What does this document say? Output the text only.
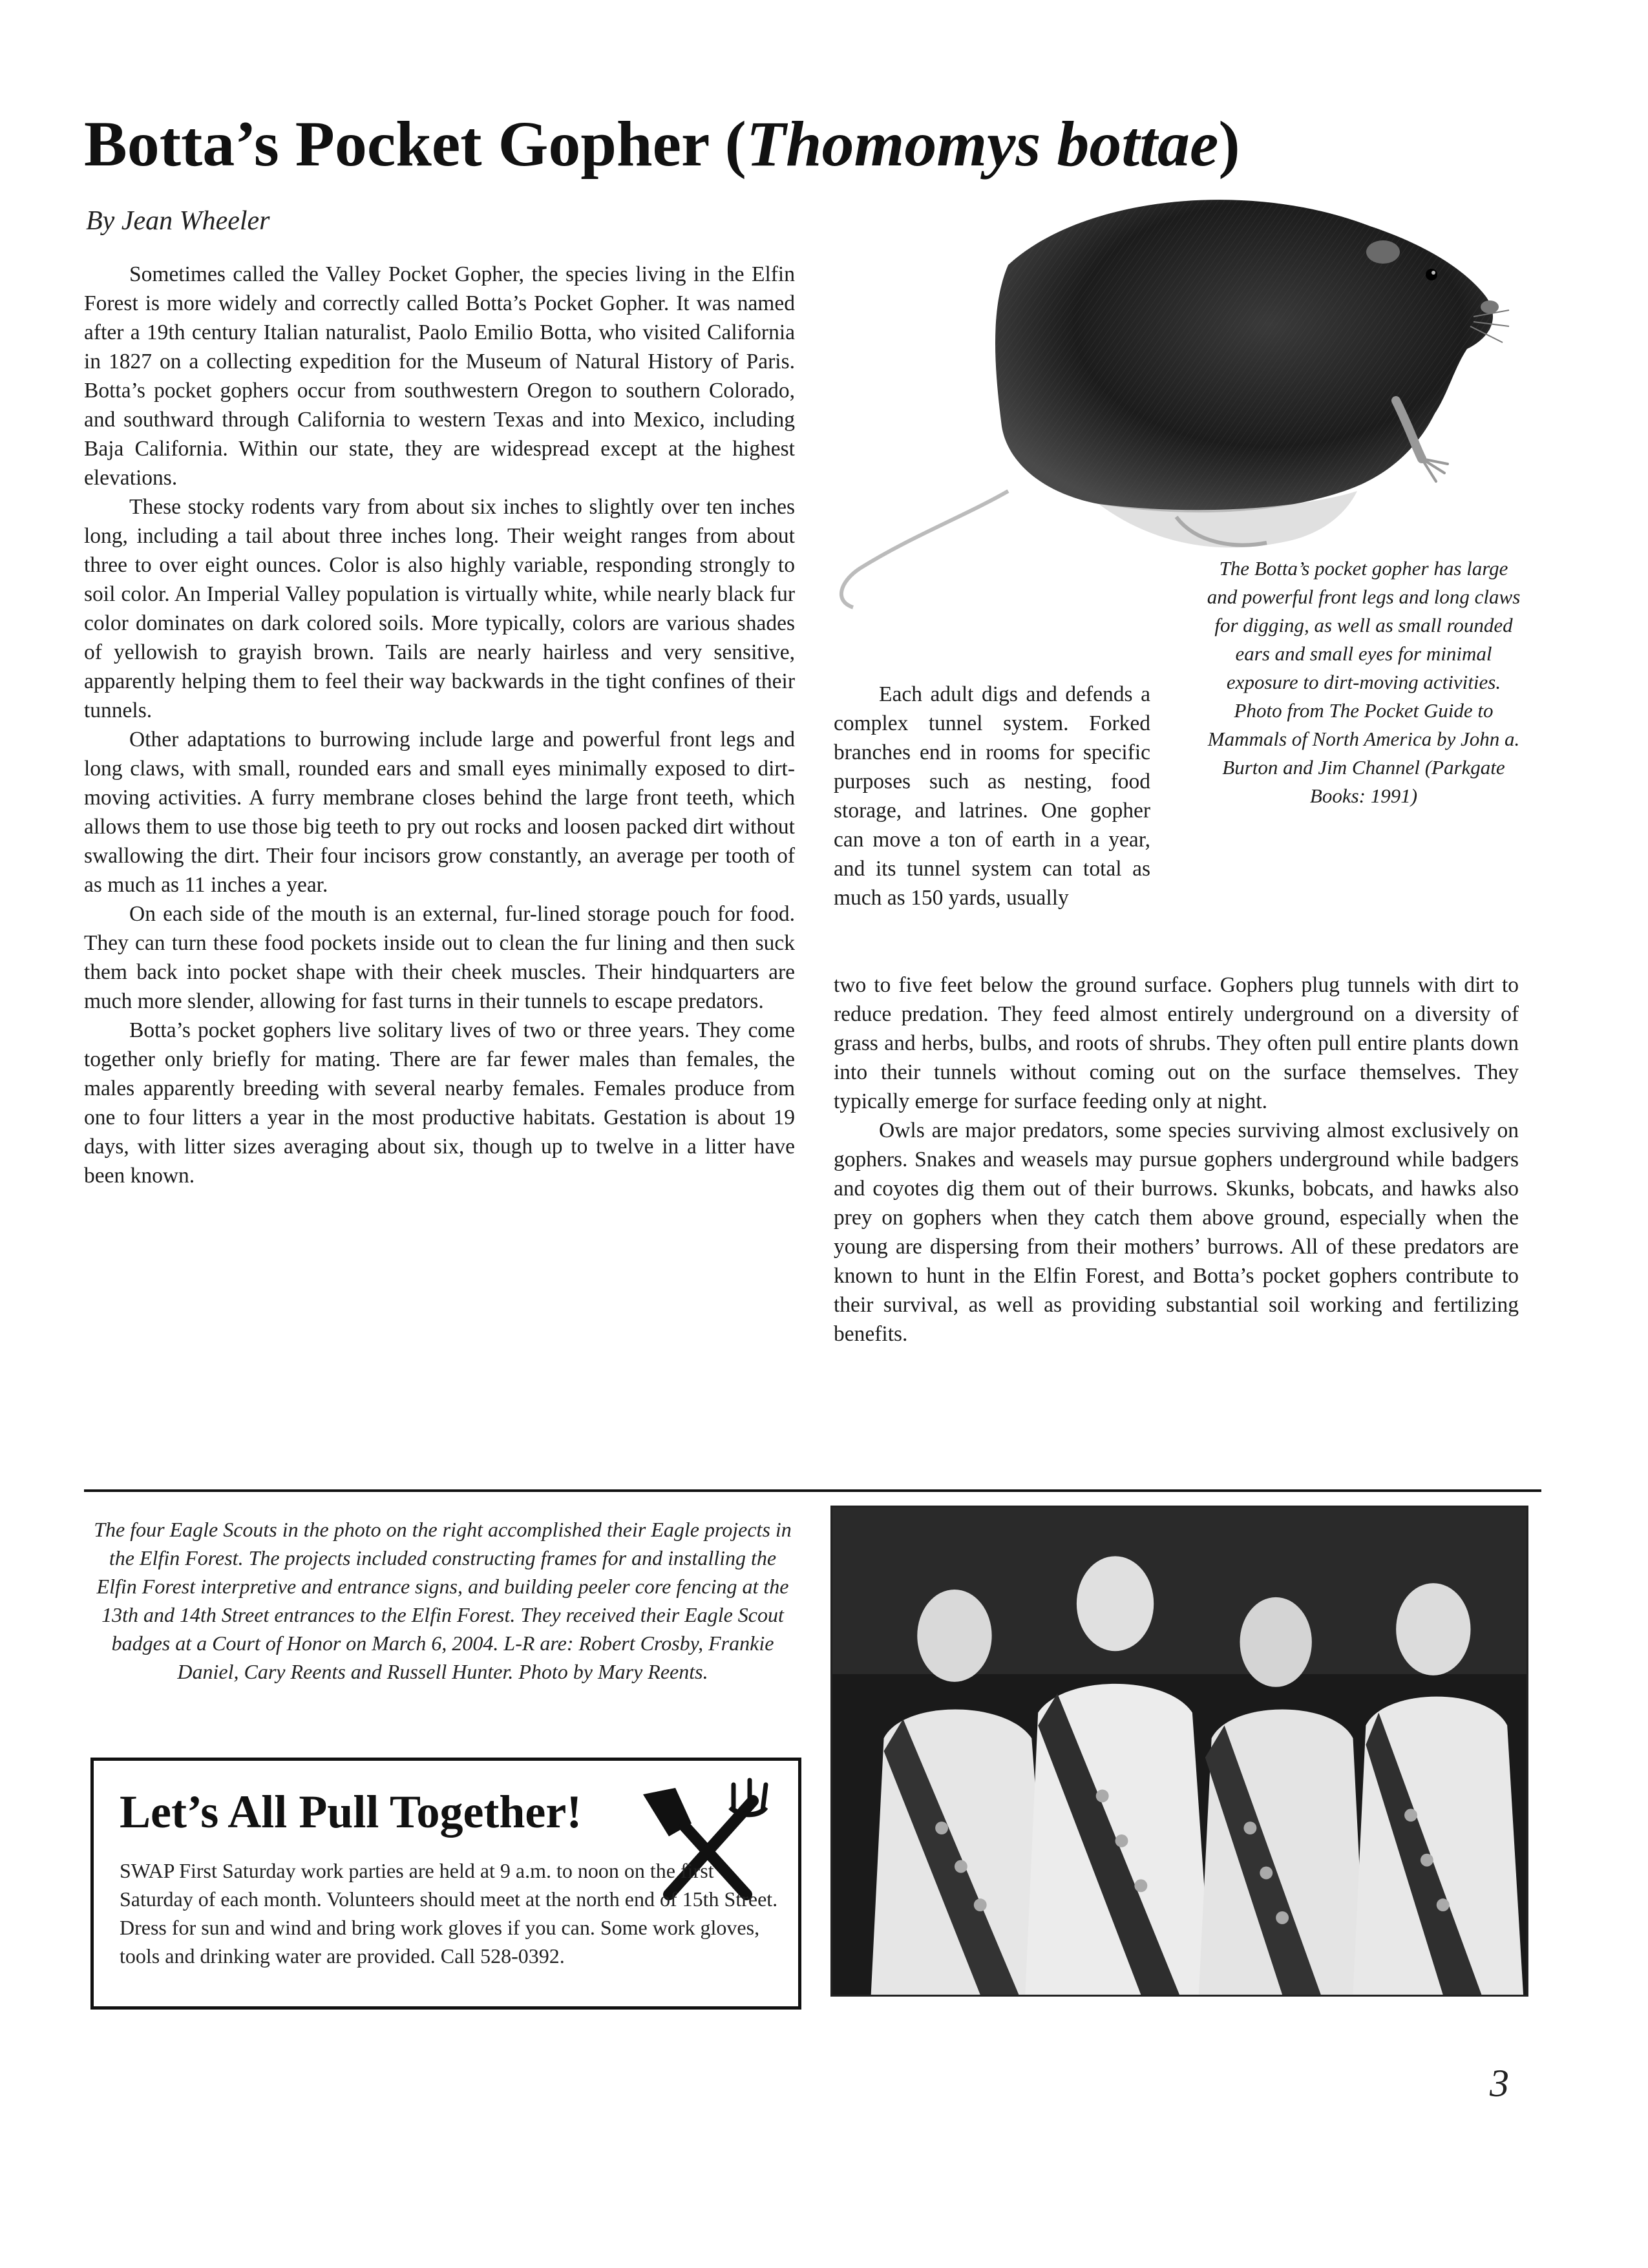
Botta’s Pocket Gopher (Thomomys bottae)
By Jean Wheeler
The Botta’s pocket gopher has large and powerful front legs and long claws for digging, as well as small rounded ears and small eyes for minimal exposure to dirt-moving activities.
Photo from The Pocket Guide to Mammals of North America by John a. Burton and Jim Channel (Parkgate Books: 1991)

Sometimes called the Valley Pocket Gopher, the species living in the Elfin Forest is more widely and correctly called Botta’s Pocket Gopher. It was named after a 19th century Italian naturalist, Paolo Emilio Botta, who visited California in 1827 on a collecting expedition for the Museum of Natural History of Paris. Botta’s pocket gophers occur from southwestern Oregon to southern Colorado, and southward through California to western Texas and into Mexico, including Baja California. Within our state, they are widespread except at the highest elevations.

These stocky rodents vary from about six inches to slightly over ten inches long, including a tail about three inches long. Their weight ranges from about three to over eight ounces. Color is also highly variable, responding strongly to soil color. An Imperial Valley population is virtually white, while nearly black fur color dominates on dark colored soils. More typically, colors are various shades of yellowish to grayish brown. Tails are nearly hairless and very sensitive, apparently helping them to feel their way backwards in the tight confines of their tunnels.

Other adaptations to burrowing include large and powerful front legs and long claws, with small, rounded ears and small eyes minimally exposed to dirt-moving activities. A furry membrane closes behind the large front teeth, which allows them to use those big teeth to pry out rocks and loosen packed dirt without swallowing the dirt. Their four incisors grow constantly, an average per tooth of as much as 11 inches a year.

On each side of the mouth is an external, fur-lined storage pouch for food. They can turn these food pockets inside out to clean the fur lining and then suck them back into pocket shape with their cheek muscles. Their hindquarters are much more slender, allowing for fast turns in their tunnels to escape predators.

Botta’s pocket gophers live solitary lives of two or three years. They come together only briefly for mating. There are far fewer males than females, the males apparently breeding with several nearby females. Females produce from one to four litters a year in the most productive habitats. Gestation is about 19 days, with litter sizes averaging about six, though up to twelve in a litter have been known.

Each adult digs and defends a complex tunnel system. Forked branches end in rooms for specific purposes such as nesting, food storage, and latrines. One gopher can move a ton of earth in a year, and its tunnel system can total as much as 150 yards, usually

two to five feet below the ground surface. Gophers plug tunnels with dirt to reduce predation. They feed almost entirely underground on a diversity of grass and herbs, bulbs, and roots of shrubs. They often pull entire plants down into their tunnels without coming out on the surface themselves. They typically emerge for surface feeding only at night.

Owls are major predators, some species surviving almost exclusively on gophers. Snakes and weasels may pursue gophers underground while badgers and coyotes dig them out of their burrows. Skunks, bobcats, and hawks also prey on gophers when they catch them above ground, especially when the young are dispersing from their mothers’ burrows. All of these predators are known to hunt in the Elfin Forest, and Botta’s pocket gophers contribute to their survival, as well as providing substantial soil working and fertilizing benefits.

The four Eagle Scouts in the photo on the right accomplished their Eagle projects in the Elfin Forest. The projects included constructing frames for and installing the Elfin Forest interpretive and entrance signs, and building peeler core fencing at the 13th and 14th Street entrances to the Elfin Forest. They received their Eagle Scout badges at a Court of Honor on March 6, 2004. L-R are: Robert Crosby, Frankie Daniel, Cary Reents and Russell Hunter. Photo by Mary Reents.
Let’s All Pull Together!
SWAP First Saturday work parties are held at 9 a.m. to noon on the first Saturday of each month. Volunteers should meet at the north end of 15th Street. Dress for sun and wind and bring work gloves if you can. Some work gloves, tools and drinking water are provided. Call 528-0392.
3
